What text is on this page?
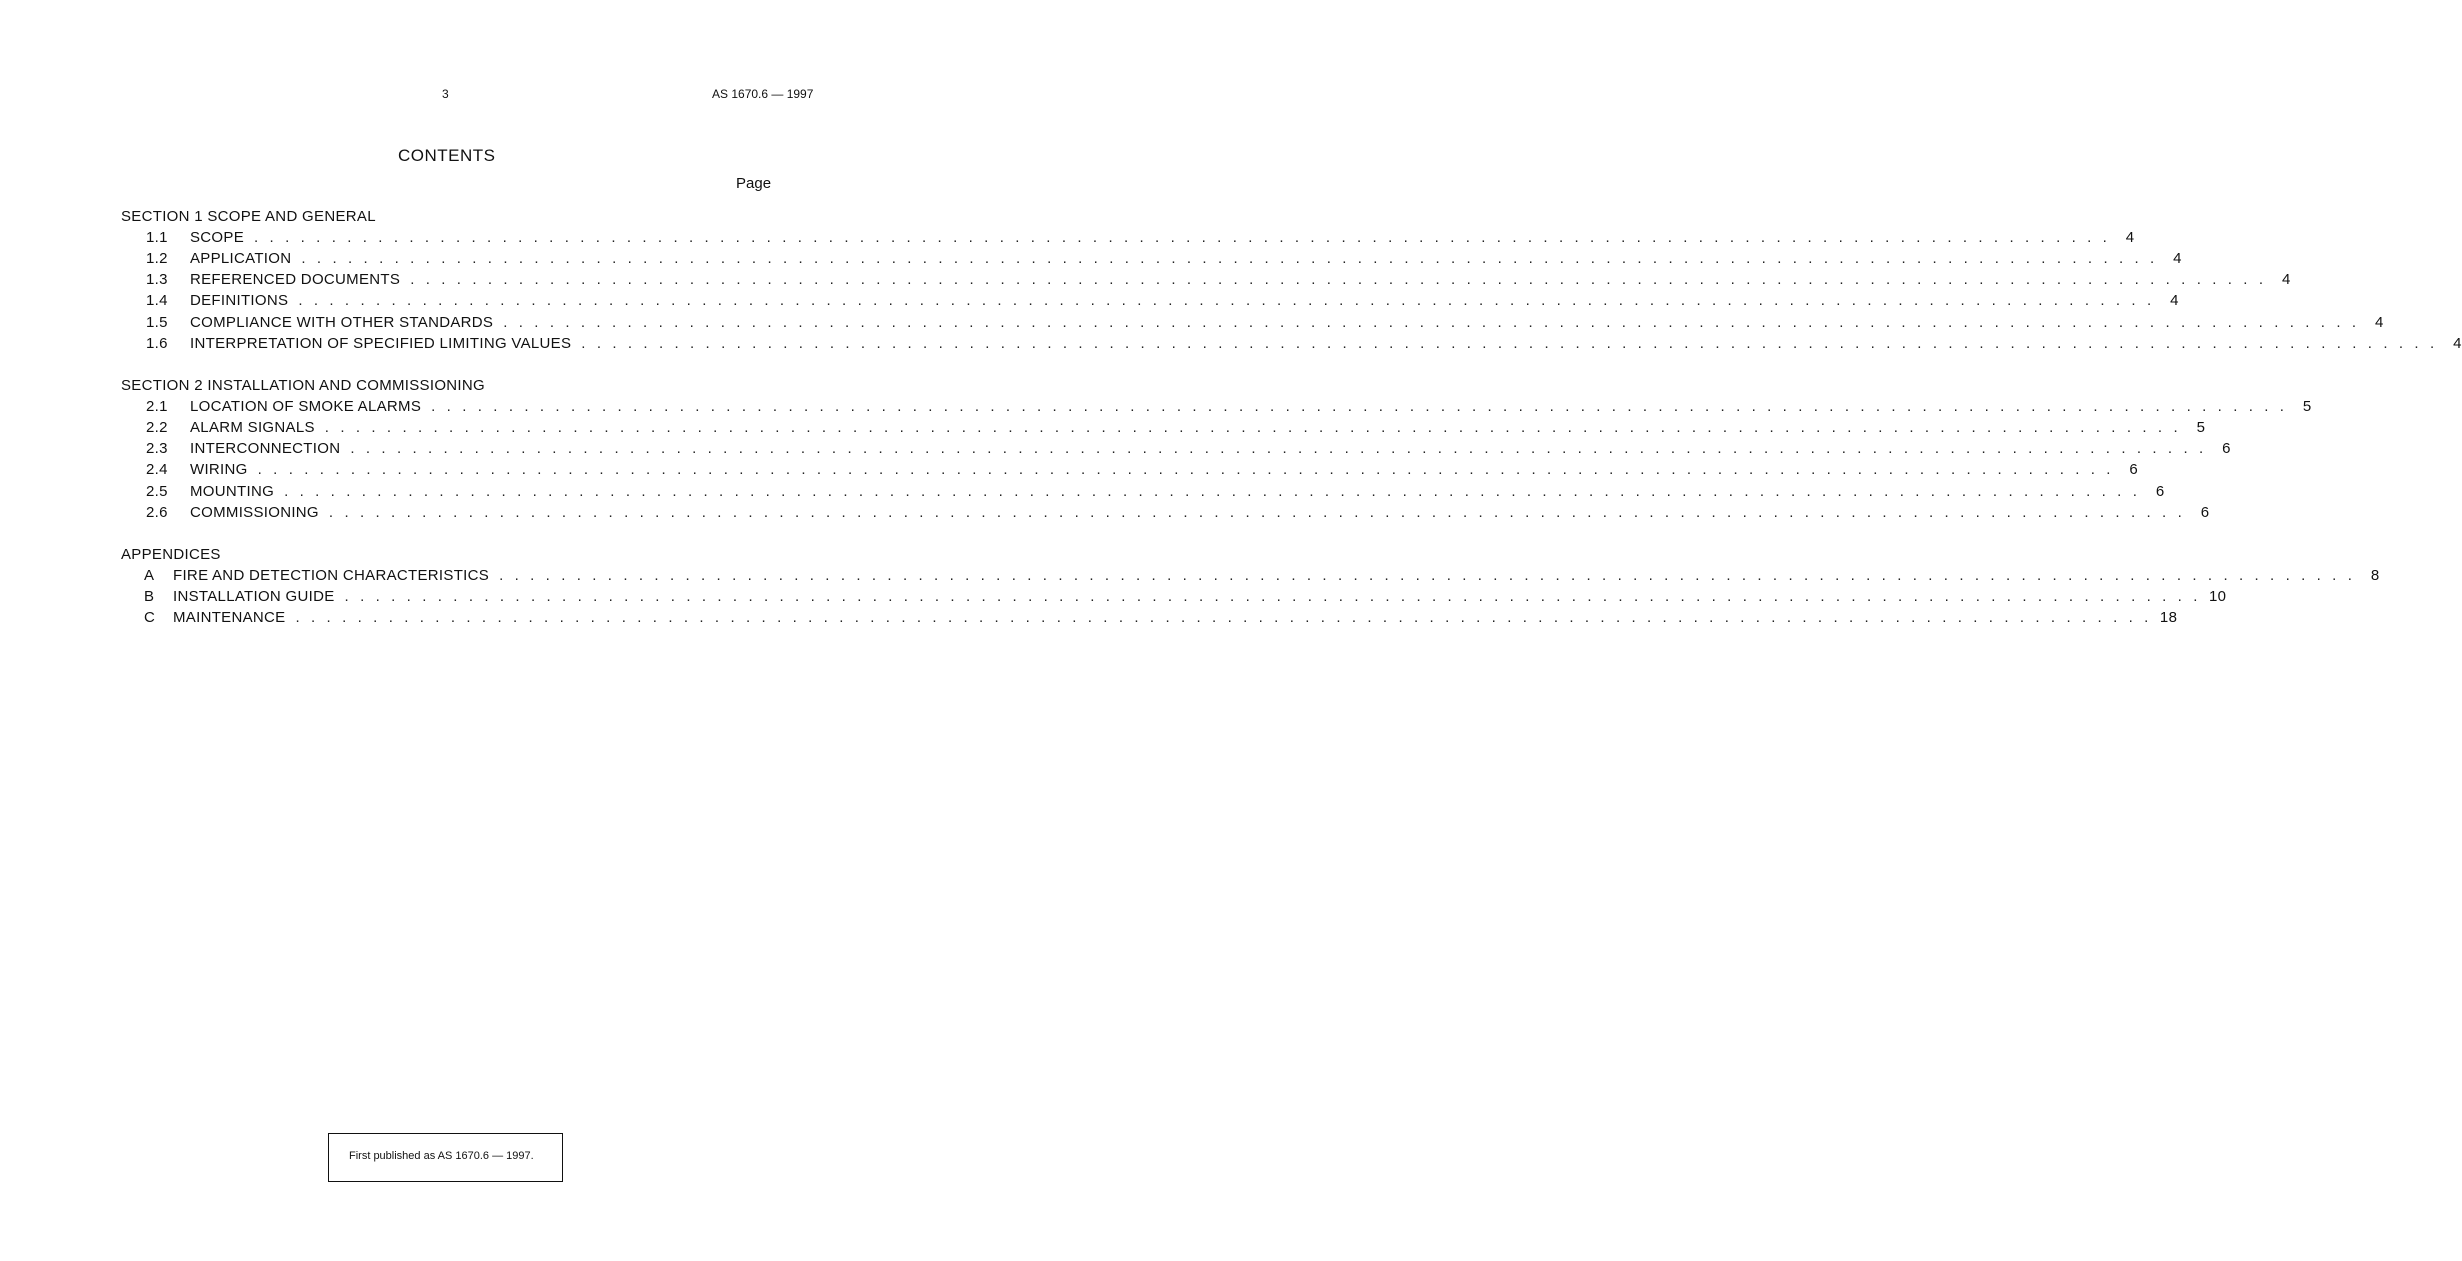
3	AS 1670.6 — 1997
CONTENTS
Page
SECTION 1 SCOPE AND GENERAL
1.1 SCOPE . . . . . . . . . . . . . . . . . . . . . . . . . . . . . . . . . . . . . . . . . . . . . . . . . . . . . . . . . . . . . . . . . . . . . . . . . . . . . . . . . . . . . . . . . . . . . . . . . . . . . . . . . . . . . . . . . . . . . . . .	4
1.2 APPLICATION . . . . . . . . . . . . . . . . . . . . . . . . . . . . . . . . . . . . . . . . . . . . . . . . . . . . . . . . . . . . . . . . . . . . . . . . . . . . . . . . . . . . . . . . . . . . . . . . . . . . . . . . . . . . . . . . . . . . . . . .	4
1.3 REFERENCED DOCUMENTS . . . . . . . . . . . . . . . . . . . . . . . . . . . . . . . . . . . . . . . . . . . . . . . . . . . . . . . . . . . . . . . . . . . . . . . . . . . . . . . . . . . . . . . . . . . . . . . . . . . . . . . . . . . . . . . . . . . . . . . .	4
1.4 DEFINITIONS . . . . . . . . . . . . . . . . . . . . . . . . . . . . . . . . . . . . . . . . . . . . . . . . . . . . . . . . . . . . . . . . . . . . . . . . . . . . . . . . . . . . . . . . . . . . . . . . . . . . . . . . . . . . . . . . . . . . . . . .	4
1.5 COMPLIANCE WITH OTHER STANDARDS . . . . . . . . . . . . . . . . . . . . . . . . . . . . . . . . . . . . . . . . . . . . . . . . . . . . . . . . . . . . . . . . . . . . . . . . . . . . . . . . . . . . . . . . . . . . . . . . . . . . . . . . . . . . . . . . . . . . . . . .	4
1.6 INTERPRETATION OF SPECIFIED LIMITING VALUES . . . . . . . . . . . . . . . . . . . . . . . . . . . . . . . . . . . . . . . . . . . . . . . . . . . . . . . . . . . . . . . . . . . . . . . . . . . . . . . . . . . . . . . . . . . . . . . . . . . . . . . . . . . . . . . . . . . . . . . .	4
SECTION 2 INSTALLATION AND COMMISSIONING
2.1 LOCATION OF SMOKE ALARMS . . . . . . . . . . . . . . . . . . . . . . . . . . . . . . . . . . . . . . . . . . . . . . . . . . . . . . . . . . . . . . . . . . . . . . . . . . . . . . . . . . . . . . . . . . . . . . . . . . . . . . . . . . . . . . . . . . . . . . . .	5
2.2 ALARM SIGNALS . . . . . . . . . . . . . . . . . . . . . . . . . . . . . . . . . . . . . . . . . . . . . . . . . . . . . . . . . . . . . . . . . . . . . . . . . . . . . . . . . . . . . . . . . . . . . . . . . . . . . . . . . . . . . . . . . . . . . . . .	5
2.3 INTERCONNECTION . . . . . . . . . . . . . . . . . . . . . . . . . . . . . . . . . . . . . . . . . . . . . . . . . . . . . . . . . . . . . . . . . . . . . . . . . . . . . . . . . . . . . . . . . . . . . . . . . . . . . . . . . . . . . . . . . . . . . . . .	6
2.4 WIRING . . . . . . . . . . . . . . . . . . . . . . . . . . . . . . . . . . . . . . . . . . . . . . . . . . . . . . . . . . . . . . . . . . . . . . . . . . . . . . . . . . . . . . . . . . . . . . . . . . . . . . . . . . . . . . . . . . . . . . . .	6
2.5 MOUNTING . . . . . . . . . . . . . . . . . . . . . . . . . . . . . . . . . . . . . . . . . . . . . . . . . . . . . . . . . . . . . . . . . . . . . . . . . . . . . . . . . . . . . . . . . . . . . . . . . . . . . . . . . . . . . . . . . . . . . . . .	6
2.6 COMMISSIONING . . . . . . . . . . . . . . . . . . . . . . . . . . . . . . . . . . . . . . . . . . . . . . . . . . . . . . . . . . . . . . . . . . . . . . . . . . . . . . . . . . . . . . . . . . . . . . . . . . . . . . . . . . . . . . . . . . . . . . . .	6
APPENDICES
A FIRE AND DETECTION CHARACTERISTICS . . . . . . . . . . . . . . . . . . . . . . . . . . . . . . . . . . . . . . . . . . . . . . . . . . . . . . . . . . . . . . . . . . . . . . . . . . . . . . . . . . . . . . . . . . . . . . . . . . . . . . . . . . . . . . . . . . . . . . . .	8
B INSTALLATION GUIDE . . . . . . . . . . . . . . . . . . . . . . . . . . . . . . . . . . . . . . . . . . . . . . . . . . . . . . . . . . . . . . . . . . . . . . . . . . . . . . . . . . . . . . . . . . . . . . . . . . . . . . . . . . . . . . . . . . . . . . . . 10
C MAINTENANCE . . . . . . . . . . . . . . . . . . . . . . . . . . . . . . . . . . . . . . . . . . . . . . . . . . . . . . . . . . . . . . . . . . . . . . . . . . . . . . . . . . . . . . . . . . . . . . . . . . . . . . . . . . . . . . . . . . . . . . . . 18
First published as AS 1670.6 — 1997.
